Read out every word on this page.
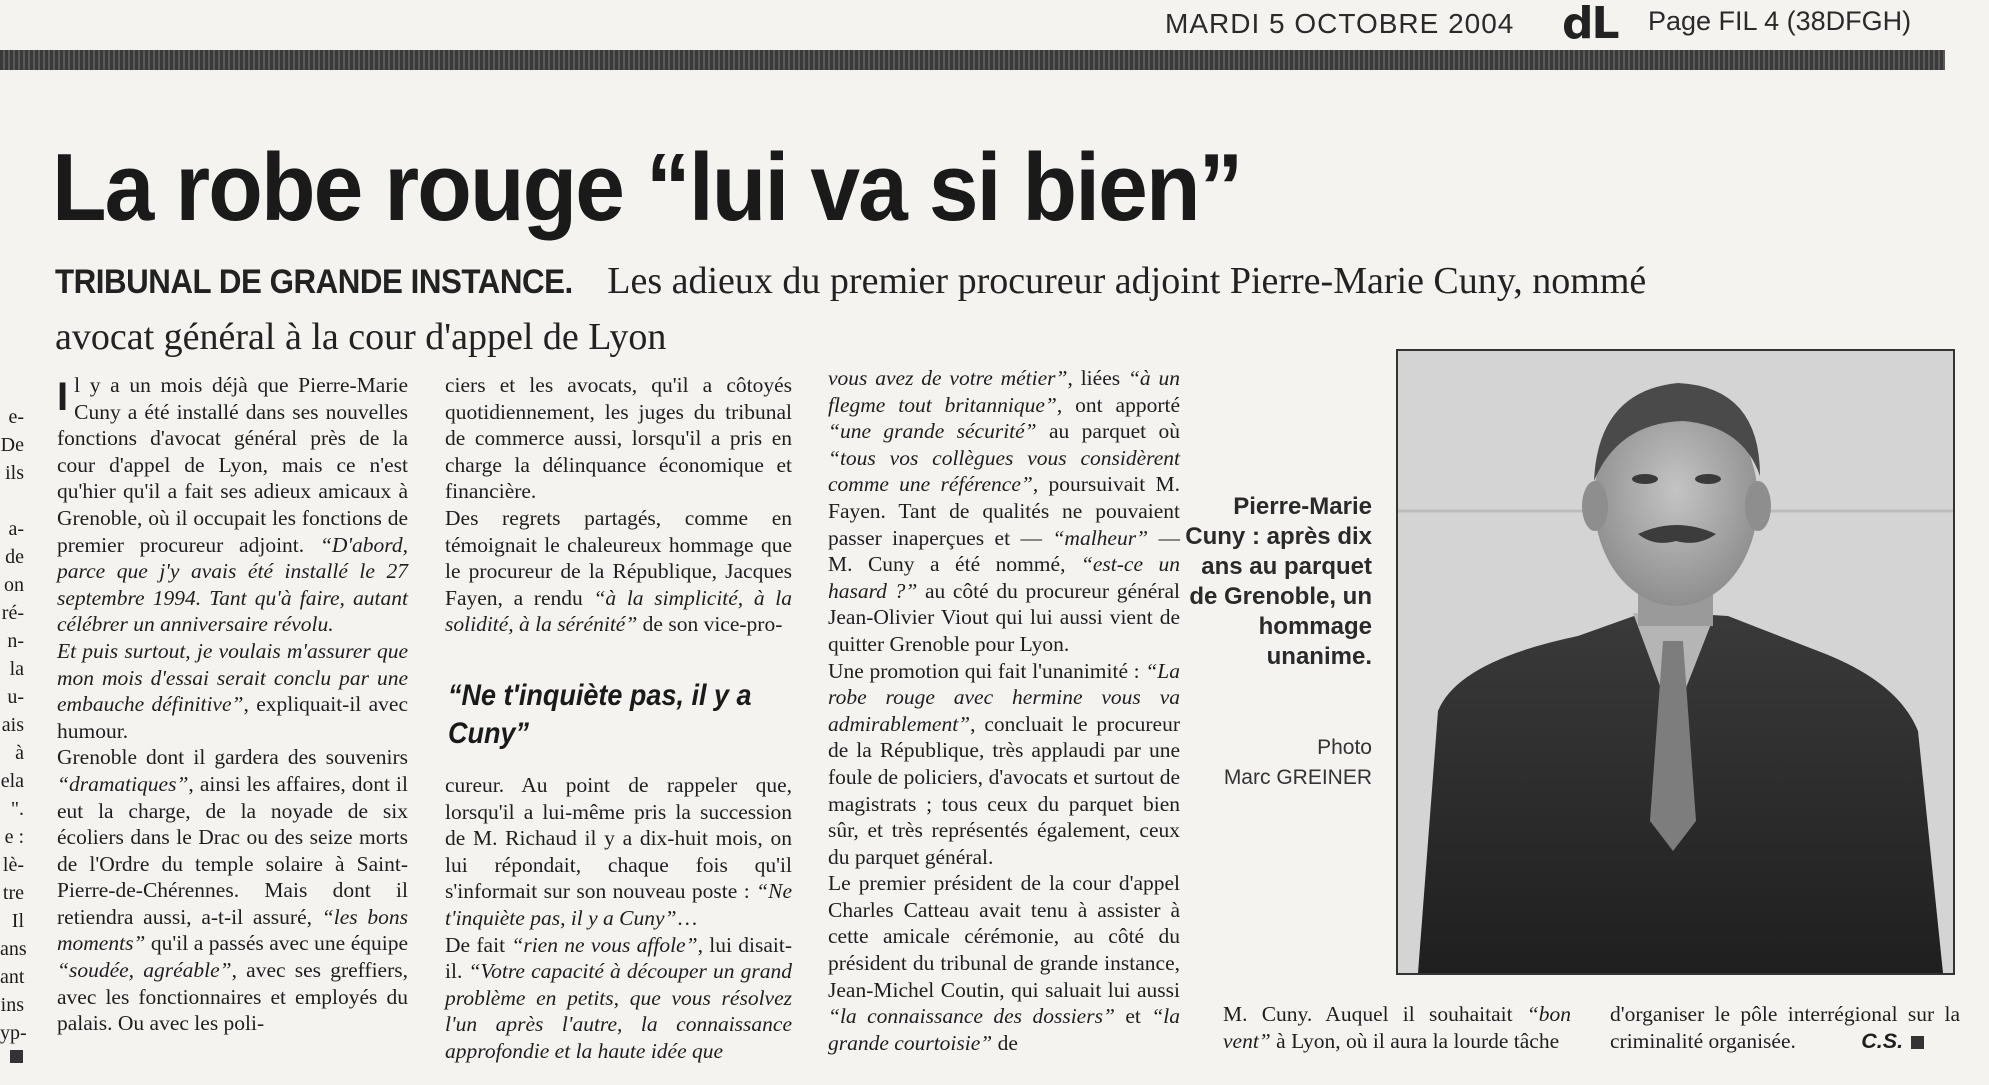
MARDI 5 OCTOBRE 2004 dL Page FIL 4 (38DFGH)
La robe rouge “lui va si bien”
TRIBUNAL DE GRANDE INSTANCE. Les adieux du premier procureur adjoint Pierre-Marie Cuny, nommé avocat général à la cour d'appel de Lyon
e-
De
ils
a-
de
on
ré-
n-
la
u-
ais
à
ela
".
e :
lè-
tre
Il
ans
ant
ins
yp-

Il y a un mois déjà que Pierre-Marie Cuny a été installé dans ses nouvelles fonctions d'avocat général près de la cour d'appel de Lyon, mais ce n'est qu'hier qu'il a fait ses adieux amicaux à Grenoble, où il occupait les fonctions de premier procureur adjoint. “D'abord, parce que j'y avais été installé le 27 septembre 1994. Tant qu'à faire, autant célébrer un anniversaire révolu.

Et puis surtout, je voulais m'assurer que mon mois d'essai serait conclu par une embauche définitive”, expliquait-il avec humour.

Grenoble dont il gardera des souvenirs “dramatiques”, ainsi les affaires, dont il eut la charge, de la noyade de six écoliers dans le Drac ou des seize morts de l'Ordre du temple solaire à Saint-Pierre-de-Chérennes. Mais dont il retiendra aussi, a-t-il assuré, “les bons moments” qu'il a passés avec une équipe “soudée, agréable”, avec ses greffiers, avec les fonctionnaires et employés du palais. Ou avec les poli-

ciers et les avocats, qu'il a côtoyés quotidiennement, les juges du tribunal de commerce aussi, lorsqu'il a pris en charge la délinquance économique et financière.

Des regrets partagés, comme en témoignait le chaleureux hommage que le procureur de la République, Jacques Fayen, a rendu “à la simplicité, à la solidité, à la sérénité” de son vice-pro-

“Ne t'inquiète pas, il y a Cuny”

cureur. Au point de rappeler que, lorsqu'il a lui-même pris la succession de M. Richaud il y a dix-huit mois, on lui répondait, chaque fois qu'il s'informait sur son nouveau poste : “Ne t'inquiète pas, il y a Cuny”…

De fait “rien ne vous affole”, lui disait-il. “Votre capacité à découper un grand problème en petits, que vous résolvez l'un après l'autre, la connaissance approfondie et la haute idée que

vous avez de votre métier”, liées “à un flegme tout britannique”, ont apporté “une grande sécurité” au parquet où “tous vos collègues vous considèrent comme une référence”, poursuivait M. Fayen. Tant de qualités ne pouvaient passer inaperçues et — “malheur” — M. Cuny a été nommé, “est-ce un hasard ?” au côté du procureur général Jean-Olivier Viout qui lui aussi vient de quitter Grenoble pour Lyon.

Une promotion qui fait l'unanimité : “La robe rouge avec hermine vous va admirablement”, concluait le procureur de la République, très applaudi par une foule de policiers, d'avocats et surtout de magistrats ; tous ceux du parquet bien sûr, et très représentés également, ceux du parquet général.

Le premier président de la cour d'appel Charles Catteau avait tenu à assister à cette amicale cérémonie, au côté du président du tribunal de grande instance, Jean-Michel Coutin, qui saluait lui aussi “la connaissance des dossiers” et “la grande courtoisie” de

Pierre-Marie Cuny : après dix ans au parquet de Grenoble, un hommage unanime.
Photo
Marc GREINER

M. Cuny. Auquel il souhaitait “bon vent” à Lyon, où il aura la lourde tâche

d'organiser le pôle interrégional sur la criminalité organisée.	C.S.
